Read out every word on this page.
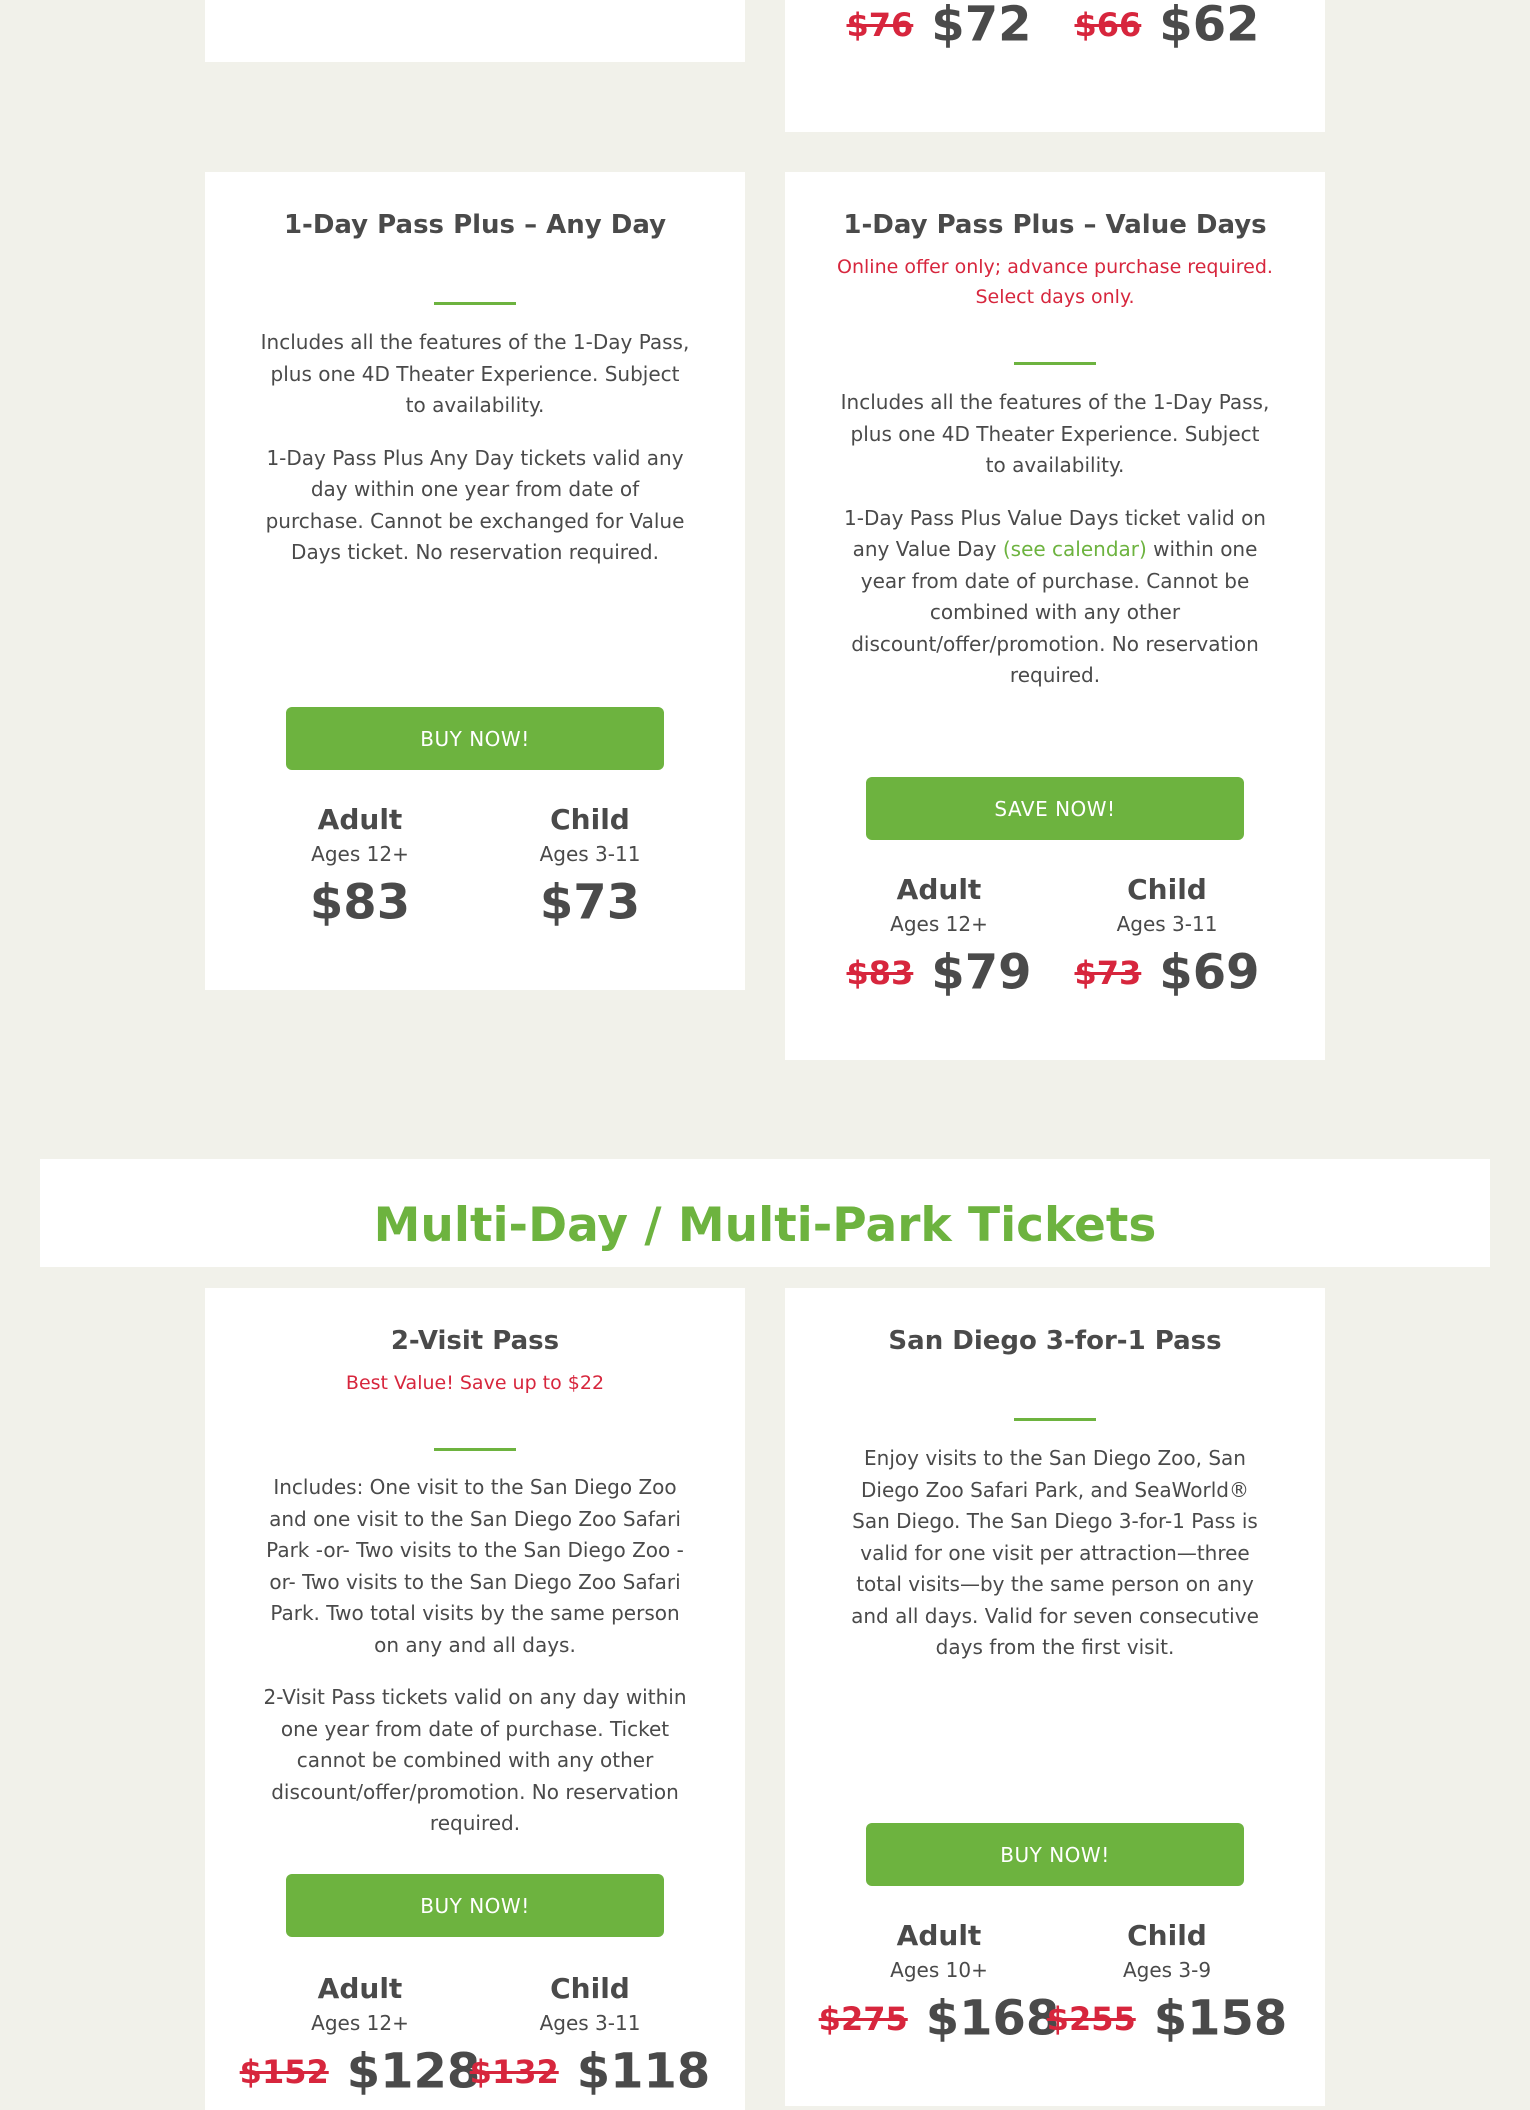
$76 $72	$66 $62
1-Day Pass Plus – Any Day

Includes all the features of the 1-Day Pass, plus one 4D Theater Experience. Subject to availability.

1-Day Pass Plus Any Day tickets valid any day within one year from date of purchase. Cannot be exchanged for Value Days ticket. No reservation required.

BUY NOW!
Adult
Ages 12+
$83
Child
Ages 3-11
$73
1-Day Pass Plus – Value Days
Online offer only; advance purchase required.
Select days only.

Includes all the features of the 1-Day Pass, plus one 4D Theater Experience. Subject to availability.

1-Day Pass Plus Value Days ticket valid on any Value Day (see calendar) within one year from date of purchase. Cannot be combined with any other discount/offer/promotion. No reservation required.

SAVE NOW!
Adult
Ages 12+
$83 $79
Child
Ages 3-11
$73 $69
Multi-Day / Multi-Park Tickets
2-Visit Pass
Best Value! Save up to $22

Includes: One visit to the San Diego Zoo and one visit to the San Diego Zoo Safari Park -or- Two visits to the San Diego Zoo -or- Two visits to the San Diego Zoo Safari Park. Two total visits by the same person on any and all days.

2-Visit Pass tickets valid on any day within one year from date of purchase. Ticket cannot be combined with any other discount/offer/promotion. No reservation required.

BUY NOW!
Adult
Ages 12+
$152 $128
Child
Ages 3-11
$132 $118
San Diego 3-for-1 Pass

Enjoy visits to the San Diego Zoo, San Diego Zoo Safari Park, and SeaWorld® San Diego. The San Diego 3-for-1 Pass is valid for one visit per attraction—three total visits—by the same person on any and all days. Valid for seven consecutive days from the first visit.

BUY NOW!
Adult
Ages 10+
$275 $168
Child
Ages 3-9
$255 $158
